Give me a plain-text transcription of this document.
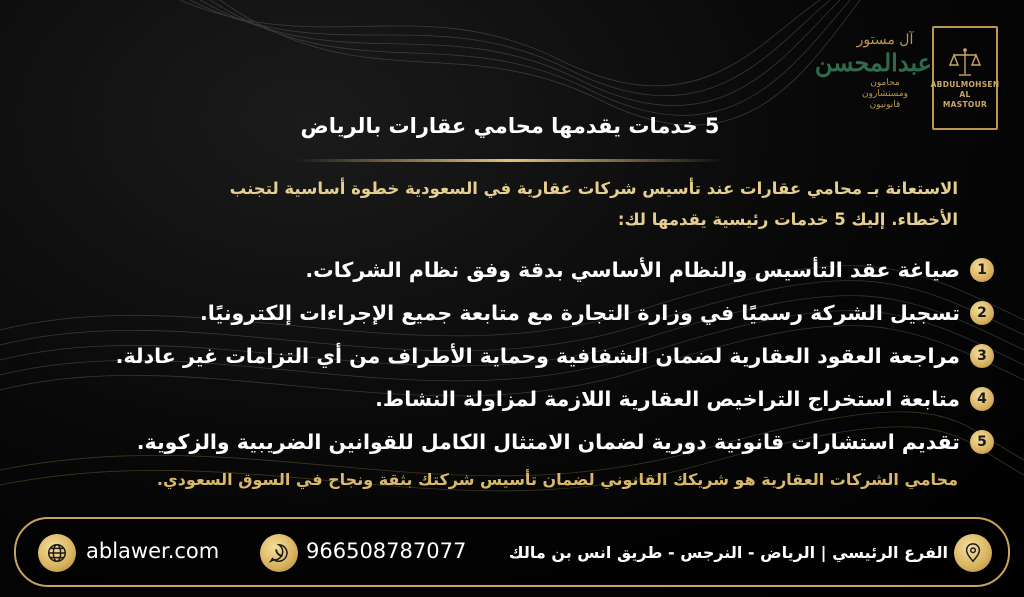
آل مستور
عبدالمحسن
محامون
ومستشارون
قانونيون
ABDULMOHSEN
AL MASTOUR
5 خدمات يقدمها محامي عقارات بالرياض
الاستعانة بـ محامي عقارات عند تأسيس شركات عقارية في السعودية خطوة أساسية لتجنب
الأخطاء. إليك 5 خدمات رئيسية يقدمها لك:
1
صياغة عقد التأسيس والنظام الأساسي بدقة وفق نظام الشركات.
2
تسجيل الشركة رسميًا في وزارة التجارة مع متابعة جميع الإجراءات إلكترونيًا.
3
مراجعة العقود العقارية لضمان الشفافية وحماية الأطراف من أي التزامات غير عادلة.
4
متابعة استخراج التراخيص العقارية اللازمة لمزاولة النشاط.
5
تقديم استشارات قانونية دورية لضمان الامتثال الكامل للقوانين الضريبية والزكوية.
محامي الشركات العقارية هو شريكك القانوني لضمان تأسيس شركتك بثقة ونجاح في السوق السعودي.
ablawer.com	966508787077	الفرع الرئيسي | الرياض - النرجس - طريق انس بن مالك
